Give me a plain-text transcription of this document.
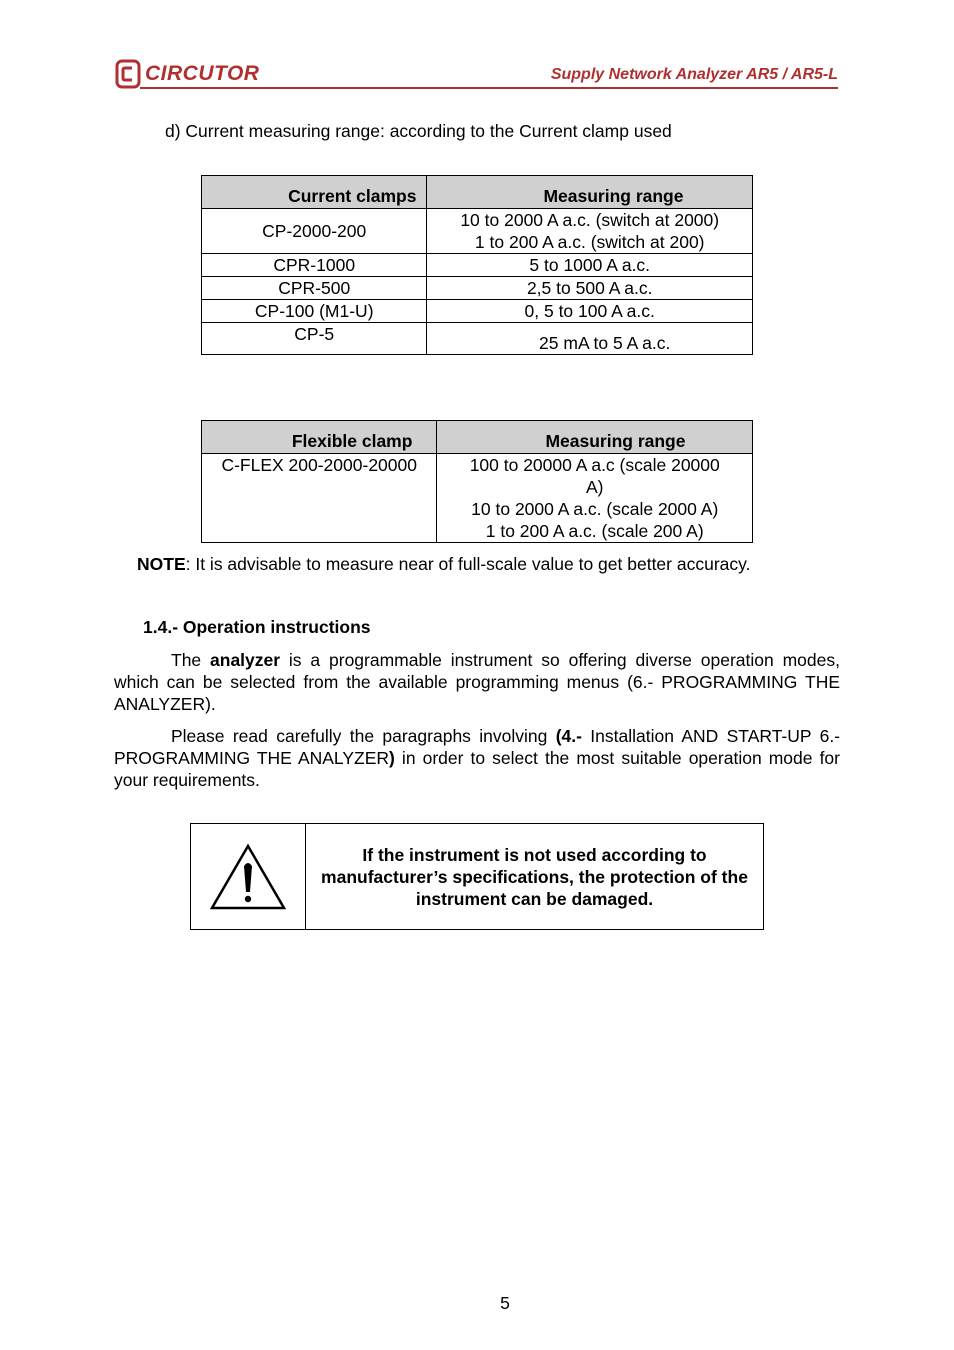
CIRCUTOR	Supply Network Analyzer AR5 / AR5-L
d) Current measuring range: according to the Current clamp used
Current clamps	Measuring range
CP-2000-200	10 to 2000 A a.c. (switch at 2000)
1 to 200 A a.c. (switch at 200)

CPR-1000	5 to 1000 A a.c.
CPR-500	2,5 to 500 A a.c.
CP-100 (M1-U)	0, 5 to 100 A a.c.
CP-5	25 mA to 5 A a.c.
Flexible clamp	Measuring range
C-FLEX 200-2000-20000	100 to 20000 A a.c (scale 20000
A)
10 to 2000 A a.c. (scale 2000 A)
1 to 200 A a.c. (scale 200 A)
NOTE: It is advisable to measure near of full-scale value to get better accuracy.
1.4.- Operation instructions

The analyzer is a programmable instrument so offering diverse operation modes, which can be selected from the available programming menus (6.- PROGRAMMING THE ANALYZER).

Please read carefully the paragraphs involving (4.- Installation AND START-UP 6.- PROGRAMMING THE ANALYZER) in order to select the most suitable operation mode for your requirements.

If the instrument is not used according to manufacturer’s specifications, the protection of the instrument can be damaged.
5
